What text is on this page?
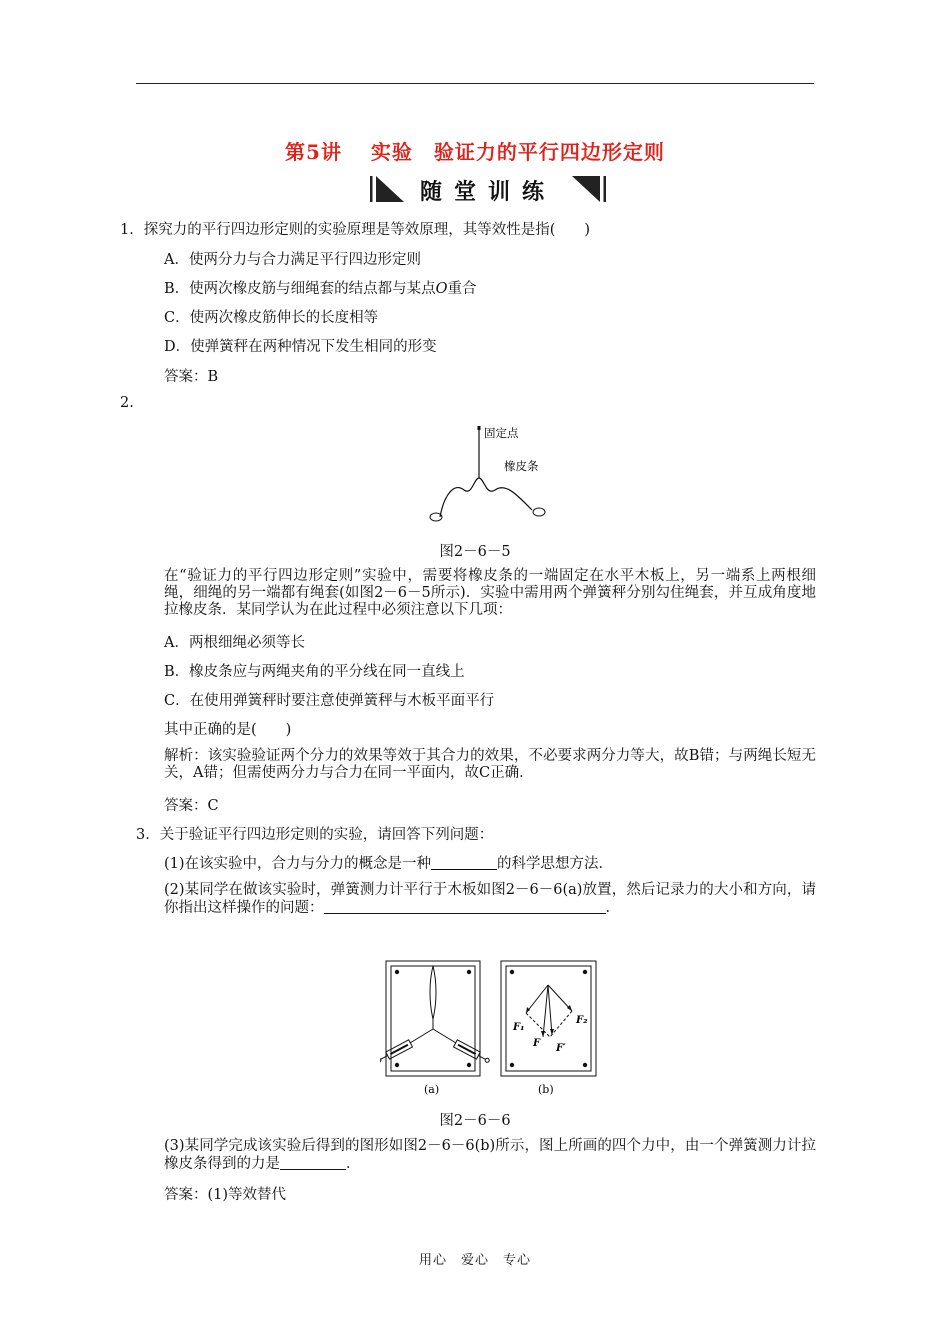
第5讲　 实验　验证力的平行四边形定则
随堂训练
1．探究力的平行四边形定则的实验原理是等效原理，其等效性是指(　　)
A．使两分力与合力满足平行四边形定则
B．使两次橡皮筋与细绳套的结点都与某点O重合
C．使两次橡皮筋伸长的长度相等
D．使弹簧秤在两种情况下发生相同的形变
答案：B
2.
固定点
橡皮条
图2－6－5
在“验证力的平行四边形定则”实验中，需要将橡皮条的一端固定在水平木板上，另一端系上两根细绳，细绳的另一端都有绳套(如图2－6－5所示)．实验中需用两个弹簧秤分别勾住绳套，并互成角度地拉橡皮条．某同学认为在此过程中必须注意以下几项：
A．两根细绳必须等长
B．橡皮条应与两绳夹角的平分线在同一直线上
C．在使用弹簧秤时要注意使弹簧秤与木板平面平行
其中正确的是(　　)
解析：该实验验证两个分力的效果等效于其合力的效果，不必要求两分力等大，故B错；与两绳长短无关，A错；但需使两分力与合力在同一平面内，故C正确．
答案：C
3．关于验证平行四边形定则的实验，请回答下列问题：
(1)在该实验中，合力与分力的概念是一种	的科学思想方法．
(2)某同学在做该实验时，弹簧测力计平行于木板如图2－6－6(a)放置，然后记录力的大小和方向，请你指出这样操作的问题：	．
(a)
F₁
F₂
F F′
(b)
图2－6－6
(3)某同学完成该实验后得到的图形如图2－6－6(b)所示，图上所画的四个力中，由一个弹簧测力计拉橡皮条得到的力是	．
答案：(1)等效替代
用心　爱心　专心
